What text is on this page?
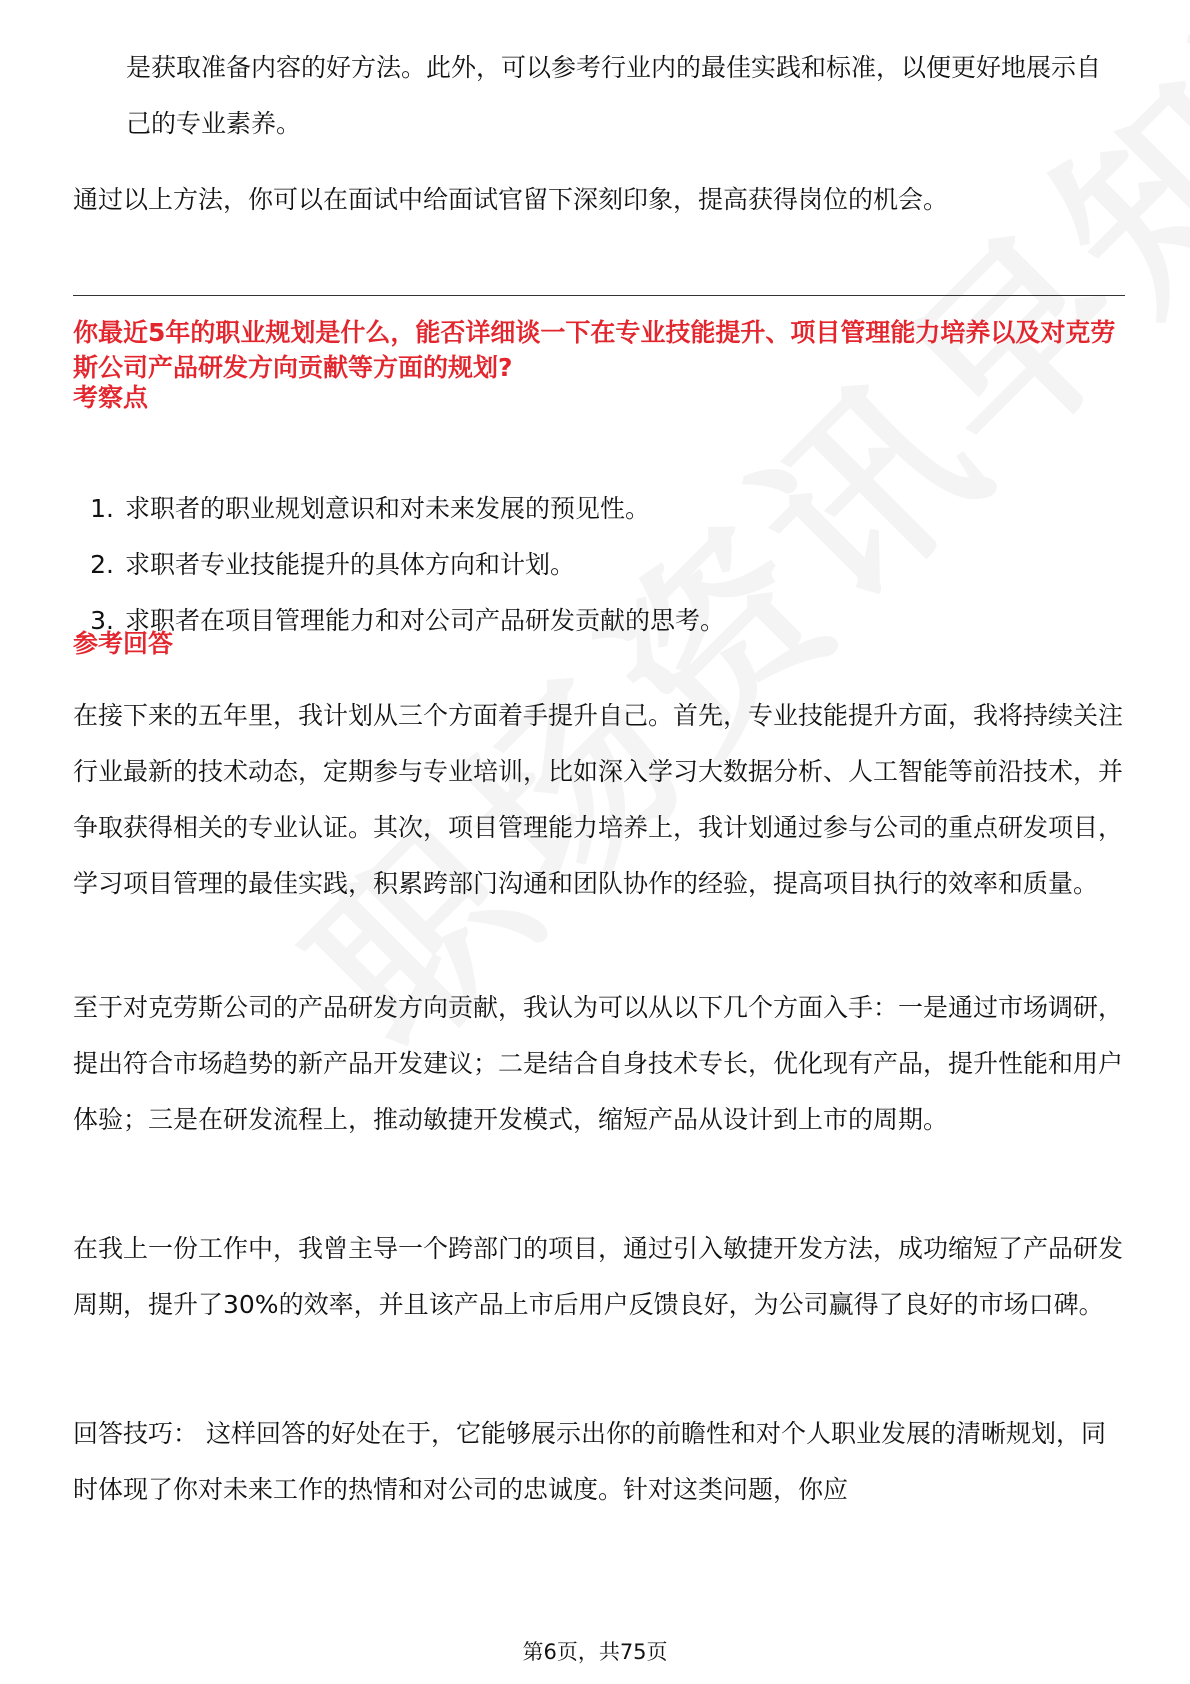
是获取准备内容的好方法。此外，可以参考行业内的最佳实践和标准，以便更好地展示自己的专业素养。

通过以上方法，你可以在面试中给面试官留下深刻印象，提高获得岗位的机会。

你最近5年的职业规划是什么，能否详细谈一下在专业技能提升、项目管理能力培养以及对克劳斯公司产品研发方向贡献等方面的规划?

考察点

1. 求职者的职业规划意识和对未来发展的预见性。
2. 求职者专业技能提升的具体方向和计划。
3. 求职者在项目管理能力和对公司产品研发贡献的思考。

参考回答

在接下来的五年里，我计划从三个方面着手提升自己。首先，专业技能提升方面，我将持续关注行业最新的技术动态，定期参与专业培训，比如深入学习大数据分析、人工智能等前沿技术，并争取获得相关的专业认证。其次，项目管理能力培养上，我计划通过参与公司的重点研发项目，学习项目管理的最佳实践，积累跨部门沟通和团队协作的经验，提高项目执行的效率和质量。

至于对克劳斯公司的产品研发方向贡献，我认为可以从以下几个方面入手：一是通过市场调研，提出符合市场趋势的新产品开发建议；二是结合自身技术专长，优化现有产品，提升性能和用户体验；三是在研发流程上，推动敏捷开发模式，缩短产品从设计到上市的周期。

在我上一份工作中，我曾主导一个跨部门的项目，通过引入敏捷开发方法，成功缩短了产品研发周期，提升了30%的效率，并且该产品上市后用户反馈良好，为公司赢得了良好的市场口碑。

回答技巧： 这样回答的好处在于，它能够展示出你的前瞻性和对个人职业发展的清晰规划，同时体现了你对未来工作的热情和对公司的忠诚度。针对这类问题，你应

第6页，共75页
